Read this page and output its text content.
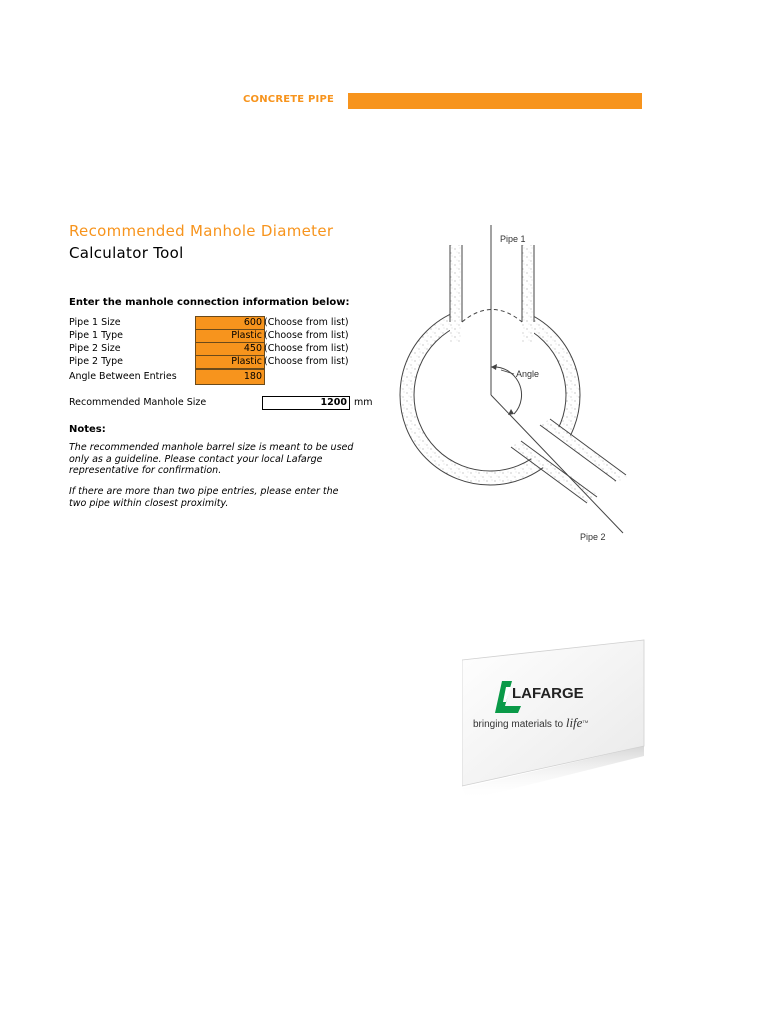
CONCRETE PIPE
Recommended Manhole Diameter
Calculator Tool
Enter the manhole connection information below:
Pipe 1 Size	600 (Choose from list)
Pipe 1 Type	Plastic (Choose from list)
Pipe 2 Size	450 (Choose from list)
Pipe 2 Type	Plastic (Choose from list)
Angle Between Entries	180
Recommended Manhole Size	1200 mm
Notes:
The recommended manhole barrel size is meant to be used only as a guideline. Please contact your local Lafarge representative for confirmation.
If there are more than two pipe entries, please enter the two pipe within closest proximity.
Pipe 1
Angle
Pipe 2
LAFARGE
bringing materials to life™
